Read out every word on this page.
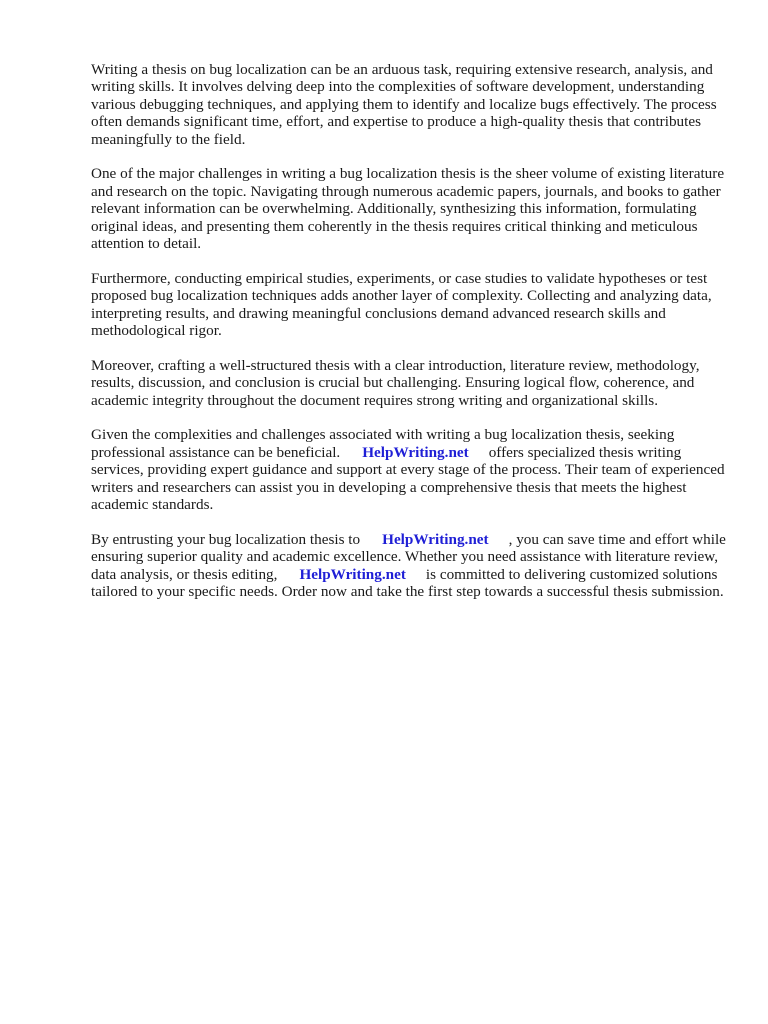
Writing a thesis on bug localization can be an arduous task, requiring extensive research, analysis, and writing skills. It involves delving deep into the complexities of software development, understanding various debugging techniques, and applying them to identify and localize bugs effectively. The process often demands significant time, effort, and expertise to produce a high-quality thesis that contributes meaningfully to the field.

One of the major challenges in writing a bug localization thesis is the sheer volume of existing literature and research on the topic. Navigating through numerous academic papers, journals, and books to gather relevant information can be overwhelming. Additionally, synthesizing this information, formulating original ideas, and presenting them coherently in the thesis requires critical thinking and meticulous attention to detail.

Furthermore, conducting empirical studies, experiments, or case studies to validate hypotheses or test proposed bug localization techniques adds another layer of complexity. Collecting and analyzing data, interpreting results, and drawing meaningful conclusions demand advanced research skills and methodological rigor.

Moreover, crafting a well-structured thesis with a clear introduction, literature review, methodology, results, discussion, and conclusion is crucial but challenging. Ensuring logical flow, coherence, and academic integrity throughout the document requires strong writing and organizational skills.

Given the complexities and challenges associated with writing a bug localization thesis, seeking professional assistance can be beneficial. HelpWriting.net offers specialized thesis writing services, providing expert guidance and support at every stage of the process. Their team of experienced writers and researchers can assist you in developing a comprehensive thesis that meets the highest academic standards.

By entrusting your bug localization thesis to HelpWriting.net , you can save time and effort while ensuring superior quality and academic excellence. Whether you need assistance with literature review, data analysis, or thesis editing, HelpWriting.net is committed to delivering customized solutions tailored to your specific needs. Order now and take the first step towards a successful thesis submission.
